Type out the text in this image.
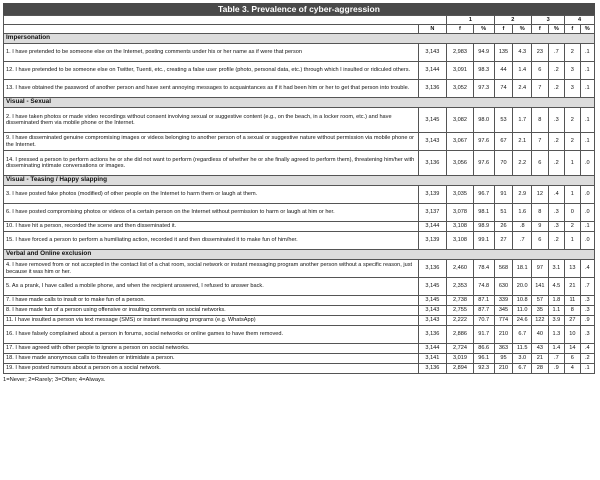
Table 3. Prevalence of cyber-aggression
		1		2		3		4	
	N	f	%	f	%	f	%	f	%
Impersonation									
1. I have pretended to be someone else on the Internet, posting comments under his or her name as if were that person	3,143	2,983	94.9	135	4.3	23	.7	2	.1
12. I have pretended to be someone else on Twitter, Tuenti, etc., creating a false user profile (photo, personal data, etc.) through which I insulted or ridiculed others.	3,144	3,091	98.3	44	1.4	6	.2	3	.1
13. I have obtained the password of another person and have sent annoying messages to acquaintances as if it had been him or her to get that person into trouble.	3,136	3,052	97.3	74	2.4	7	.2	3	.1
Visual - Sexual									
2. I have taken photos or made video recordings without consent involving sexual or suggestive content (e.g., on the beach, in a locker room, etc.) and have disseminated them via mobile phone or the Internet.	3,145	3,082	98.0	53	1.7	8	.3	2	.1
9. I have disseminated genuine compromising images or videos belonging to another person of a sexual or suggestive nature without permission via mobile phone or the Internet.	3,143	3,067	97.6	67	2.1	7	.2	2	.1
14. I pressed a person to perform actions he or she did not want to perform (regardless of whether he or she finally agreed to perform them), threatening him/her with disseminating intimate conversations or images.	3,136	3,056	97.6	70	2.2	6	.2	1	.0
Visual - Teasing / Happy slapping									
3. I have posted fake photos (modified) of other people on the Internet to harm them or laugh at them.	3,139	3,035	96.7	91	2.9	12	.4	1	.0
6. I have posted compromising photos or videos of a certain person on the Internet without permission to harm or laugh at him or her.	3,137	3,078	98.1	51	1.6	8	.3	0	.0
10. I have hit a person, recorded the scene and then disseminated it.	3,144	3,108	98.9	26	.8	9	.3	2	.1
15. I have forced a person to perform a humiliating action, recorded it and then disseminated it to make fun of him/her.	3,139	3,108	99.1	27	.7	6	.2	1	.0
Verbal and Online exclusion									
4. I have removed from or not accepted in the contact list of a chat room, social network or instant messaging program another person without a specific reason, just because it was him or her.	3,136	2,460	78.4	568	18.1	97	3.1	13	.4
5. As a prank, I have called a mobile phone, and when the recipient answered, I refused to answer back.	3,145	2,353	74.8	630	20.0	141	4.5	21	.7
7. I have made calls to insult or to make fun of a person.	3,145	2,738	87.1	339	10.8	57	1.8	11	.3
8. I have made fun of a person using offensive or insulting comments on social networks.	3,143	2,755	87.7	345	11.0	35	1.1	8	.3
11. I have insulted a person via text message (SMS) or instant messaging programs (e.g. WhatsApp)	3,143	2,222	70.7	774	24.6	122	3.9	27	.9
16. I have falsely complained about a person in forums, social networks or online games to have them removed.	3,136	2,886	91.7	210	6.7	40	1.3	10	.3
17. I have agreed with other people to ignore a person on social networks.	3,144	2,724	86.6	363	11.5	43	1.4	14	.4
18. I have made anonymous calls to threaten or intimidate a person.	3,141	3,019	96.1	95	3.0	21	.7	6	.2
19. I have posted rumours about a person on a social network.	3,136	2,894	92.3	210	6.7	28	.9	4	.1
1=Never; 2=Rarely; 3=Often; 4=Always.
